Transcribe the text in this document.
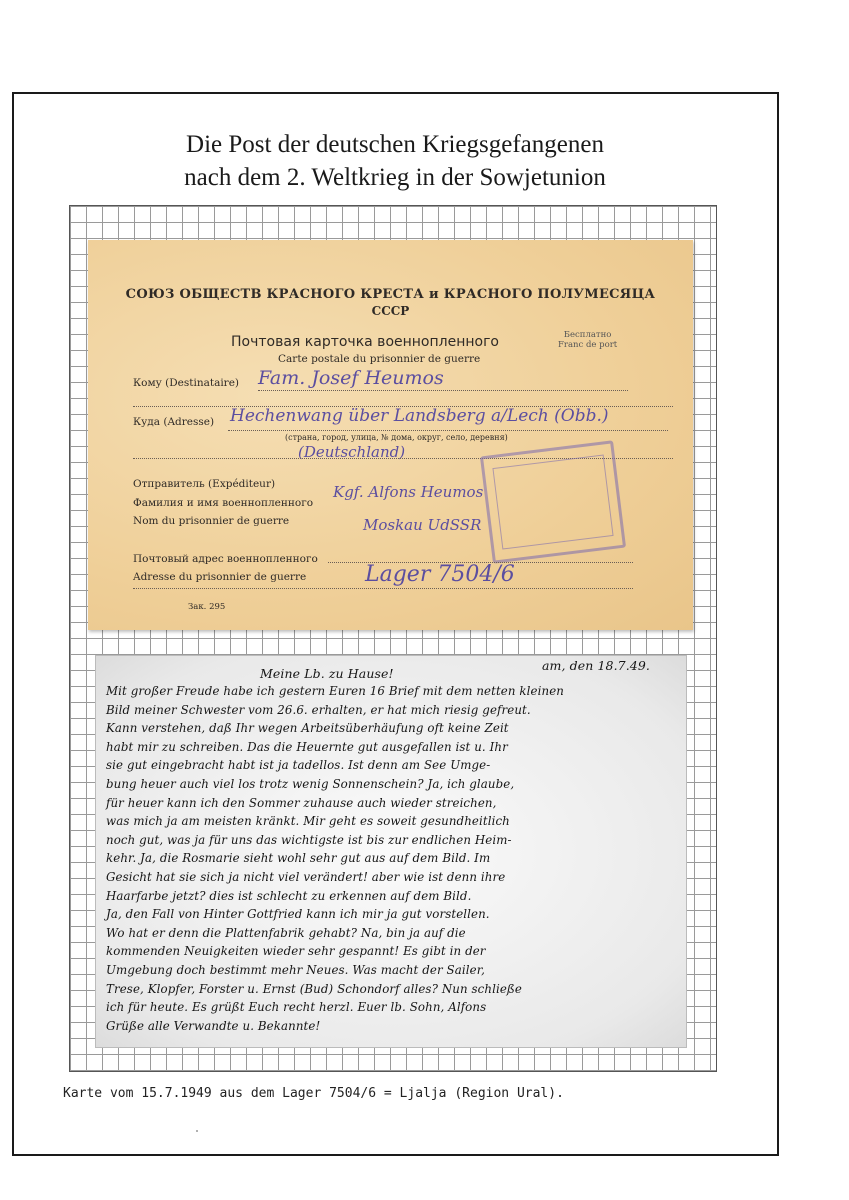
Die Post der deutschen Kriegsgefangenen
nach dem 2. Weltkrieg in der Sowjetunion
СОЮЗ ОБЩЕСТВ КРАСНОГО КРЕСТА и КРАСНОГО ПОЛУМЕСЯЦА
СССР
Почтовая карточка военнопленного
Carte postale du prisonnier de guerre
Бесплатно
Franc de port
Кому (Destinataire) Fam. Josef Heumos
Куда (Adresse) Hechenwang über Landsberg a/Lech (Obb.)
(страна, город, улица, № дома, округ, село, деревня)
(Deutschland)
Отправитель (Expéditeur)
Фамилия и имя военнопленного
Nom du prisonnier de guerre
Kgf. Alfons Heumos
Moskau UdSSR
Почтовый адрес военнопленного
Adresse du prisonnier de guerre	Lager 7504/6
Зак. 295
Meine Lb. zu Hause!
am, den 18.7.49.
Mit großer Freude habe ich gestern Euren 16 Brief mit dem netten kleinen
Bild meiner Schwester vom 26.6. erhalten, er hat mich riesig gefreut.
Kann verstehen, daß Ihr wegen Arbeitsüberhäufung oft keine Zeit
habt mir zu schreiben. Das die Heuernte gut ausgefallen ist u. Ihr
sie gut eingebracht habt ist ja tadellos. Ist denn am See Umge-
bung heuer auch viel los trotz wenig Sonnenschein? Ja, ich glaube,
für heuer kann ich den Sommer zuhause auch wieder streichen,
was mich ja am meisten kränkt. Mir geht es soweit gesundheitlich
noch gut, was ja für uns das wichtigste ist bis zur endlichen Heim-
kehr. Ja, die Rosmarie sieht wohl sehr gut aus auf dem Bild. Im
Gesicht hat sie sich ja nicht viel verändert! aber wie ist denn ihre
Haarfarbe jetzt? dies ist schlecht zu erkennen auf dem Bild.
Ja, den Fall von Hinter Gottfried kann ich mir ja gut vorstellen.
Wo hat er denn die Plattenfabrik gehabt? Na, bin ja auf die
kommenden Neuigkeiten wieder sehr gespannt! Es gibt in der
Umgebung doch bestimmt mehr Neues. Was macht der Sailer,
Trese, Klopfer, Forster u. Ernst (Bud) Schondorf alles? Nun schließe
ich für heute. Es grüßt Euch recht herzl. Euer lb. Sohn, Alfons
Grüße alle Verwandte u. Bekannte!
Karte vom 15.7.1949 aus dem Lager 7504/6 = Ljalja (Region Ural).
